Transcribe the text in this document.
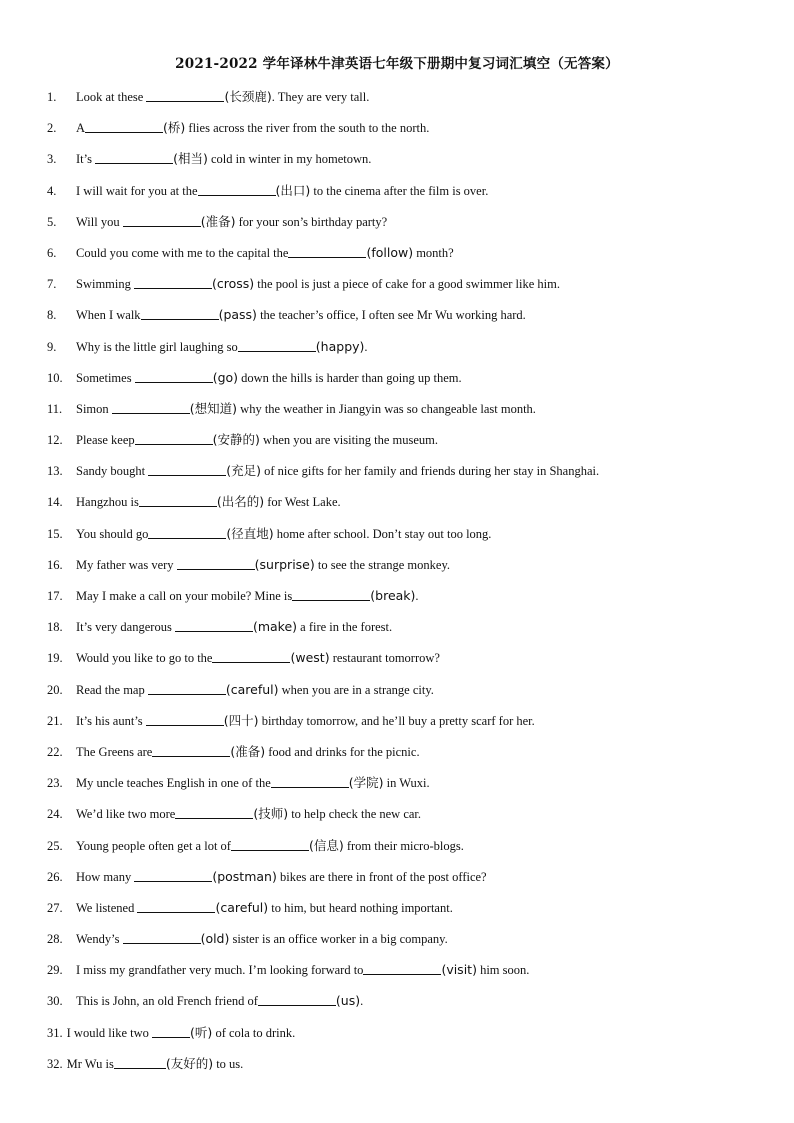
2021-2022 学年译林牛津英语七年级下册期中复习词汇填空（无答案）
1. Look at these	(长颈鹿). They are very tall.
2. A	(桥) flies across the river from the south to the north.
3. It’s	(相当) cold in winter in my hometown.
4. I will wait for you at the	(出口) to the cinema after the film is over.
5. Will you	(准备) for your son’s birthday party?
6. Could you come with me to the capital the	(follow) month?
7. Swimming	(cross) the pool is just a piece of cake for a good swimmer like him.
8. When I walk	(pass) the teacher’s office, I often see Mr Wu working hard.
9. Why is the little girl laughing so	(happy).
10. Sometimes	(go) down the hills is harder than going up them.
11. Simon	(想知道) why the weather in Jiangyin was so changeable last month.
12. Please keep	(安静的) when you are visiting the museum.
13. Sandy bought	(充足) of nice gifts for her family and friends during her stay in Shanghai.
14. Hangzhou is	(出名的) for West Lake.
15. You should go	(径直地) home after school. Don’t stay out too long.
16. My father was very	(surprise) to see the strange monkey.
17. May I make a call on your mobile? Mine is	(break).
18. It’s very dangerous	(make) a fire in the forest.
19. Would you like to go to the	(west) restaurant tomorrow?
20. Read the map	(careful) when you are in a strange city.
21. It’s his aunt’s	(四十) birthday tomorrow, and he’ll buy a pretty scarf for her.
22. The Greens are	(准备) food and drinks for the picnic.
23. My uncle teaches English in one of the	(学院) in Wuxi.
24. We’d like two more	(技师) to help check the new car.
25. Young people often get a lot of	(信息) from their micro-blogs.
26. How many	(postman) bikes are there in front of the post office?
27. We listened	(careful) to him, but heard nothing important.
28. Wendy’s	(old) sister is an office worker in a big company.
29. I miss my grandfather very much. I’m looking forward to	(visit) him soon.
30. This is John, an old French friend of	(us).
31. I would like two	(听) of cola to drink.
32. Mr Wu is	(友好的) to us.
